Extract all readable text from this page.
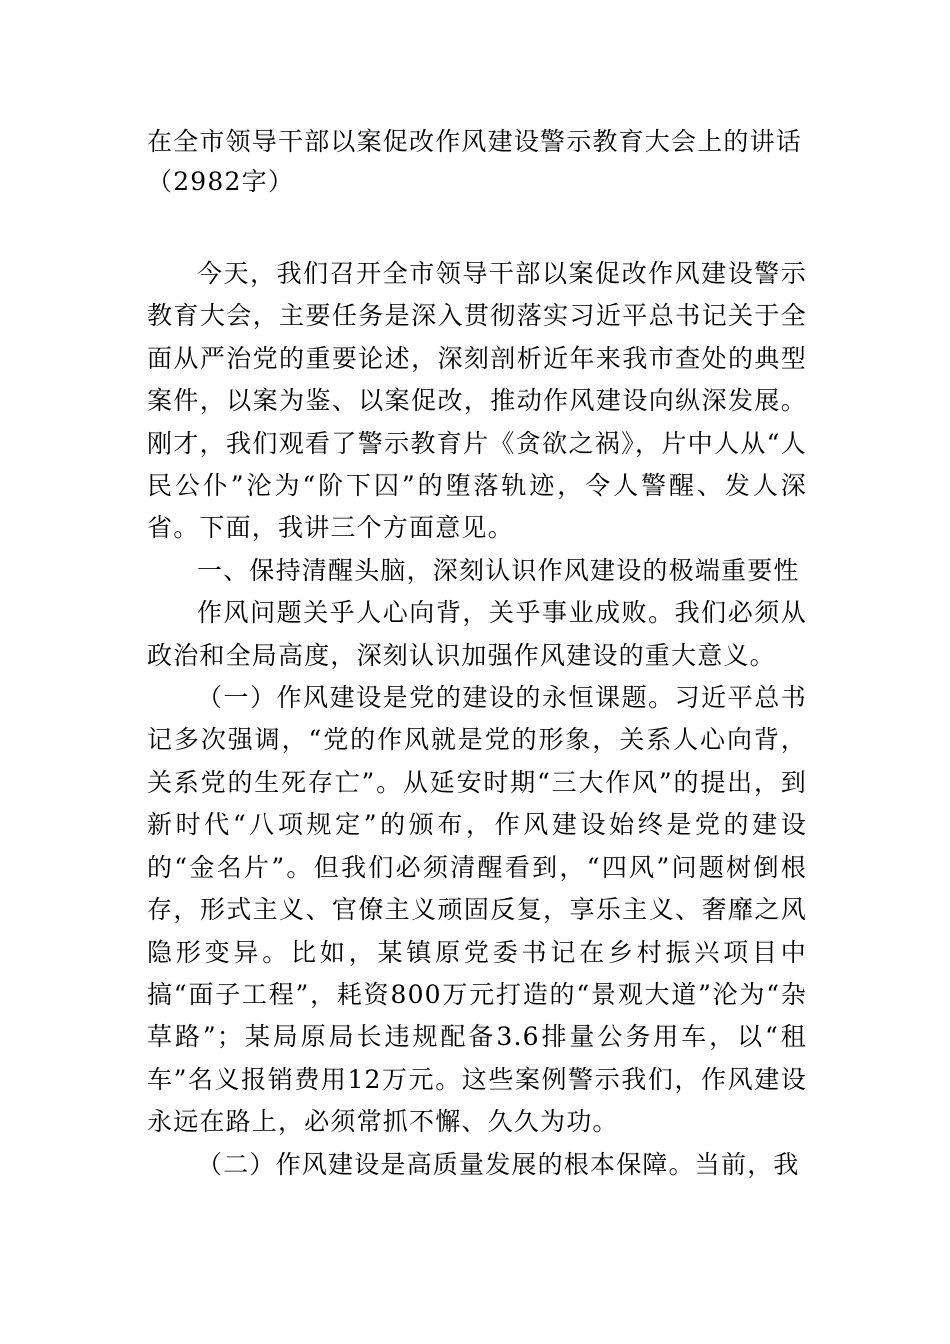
在全市领导干部以案促改作风建设警示教育大会上的讲话
（2982字）

今天，我们召开全市领导干部以案促改作风建设警示教育大会，主要任务是深入贯彻落实习近平总书记关于全面从严治党的重要论述，深刻剖析近年来我市查处的典型案件，以案为鉴、以案促改，推动作风建设向纵深发展。刚才，我们观看了警示教育片《贪欲之祸》，片中人从“人民公仆”沦为“阶下囚”的堕落轨迹，令人警醒、发人深省。下面，我讲三个方面意见。

一、保持清醒头脑，深刻认识作风建设的极端重要性

作风问题关乎人心向背，关乎事业成败。我们必须从政治和全局高度，深刻认识加强作风建设的重大意义。

（一）作风建设是党的建设的永恒课题。习近平总书记多次强调，“党的作风就是党的形象，关系人心向背，关系党的生死存亡”。从延安时期“三大作风”的提出，到新时代“八项规定”的颁布，作风建设始终是党的建设的“金名片”。但我们必须清醒看到，“四风”问题树倒根存，形式主义、官僚主义顽固反复，享乐主义、奢靡之风隐形变异。比如，某镇原党委书记在乡村振兴项目中搞“面子工程”，耗资800万元打造的“景观大道”沦为“杂草路”；某局原局长违规配备3.6排量公务用车，以“租车”名义报销费用12万元。这些案例警示我们，作风建设永远在路上，必须常抓不懈、久久为功。

（二）作风建设是高质量发展的根本保障。当前，我
